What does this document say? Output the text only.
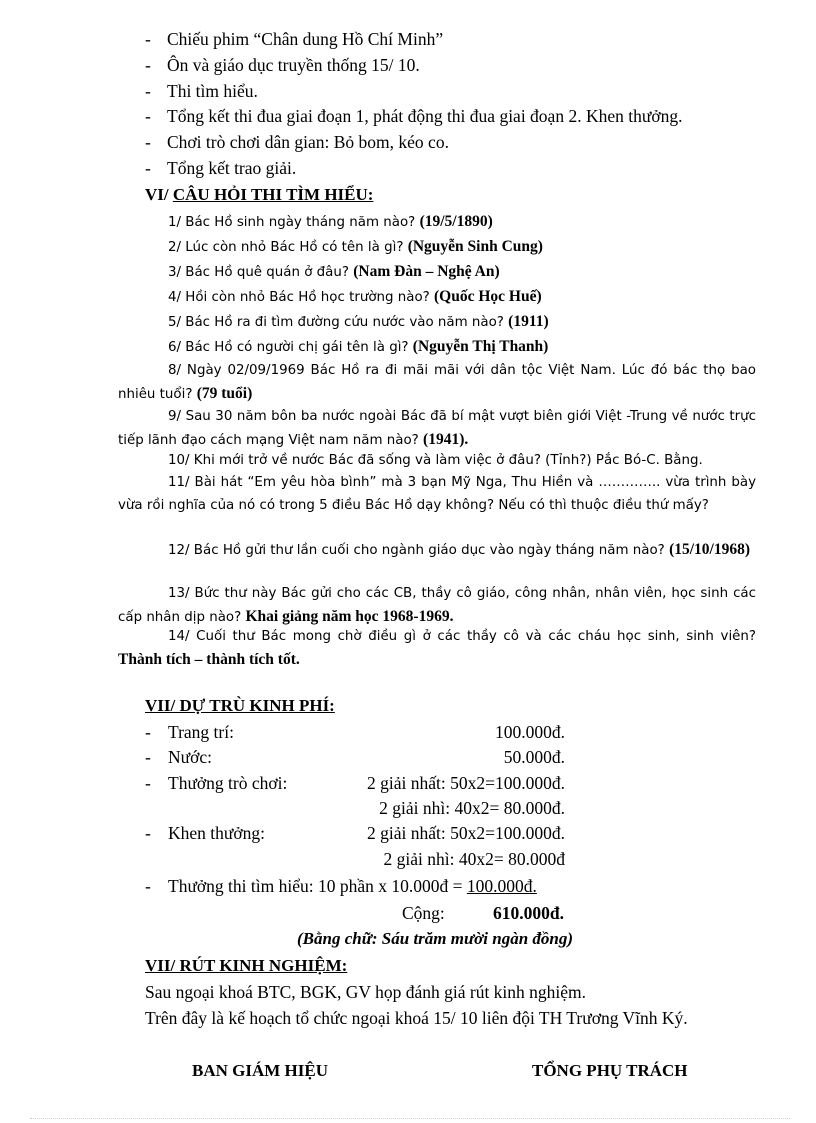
- Chiếu phim “Chân dung Hồ Chí Minh”
- Ôn và giáo dục truyền thống 15/ 10.
- Thi tìm hiểu.
- Tổng kết thi đua giai đoạn 1, phát động thi đua giai đoạn 2. Khen thưởng.
- Chơi trò chơi dân gian: Bỏ bom, kéo co.
- Tổng kết trao giải.
VI/ CÂU HỎI THI TÌM HIỂU:
1/ Bác Hồ sinh ngày tháng năm nào? (19/5/1890)
2/ Lúc còn nhỏ Bác Hồ có tên là gì? (Nguyễn Sinh Cung)
3/ Bác Hồ quê quán ở đâu? (Nam Đàn – Nghệ An)
4/ Hồi còn nhỏ Bác Hồ học trường nào? (Quốc Học Huế)
5/ Bác Hồ ra đi tìm đường cứu nước vào năm nào? (1911)
6/ Bác Hồ có người chị gái tên là gì? (Nguyễn Thị Thanh)
8/ Ngày 02/09/1969 Bác Hồ ra đi mãi mãi với dân tộc Việt Nam. Lúc đó bác thọ bao nhiêu tuổi? (79 tuổi)
9/ Sau 30 năm bôn ba nước ngoài Bác đã bí mật vượt biên giới Việt -Trung về nước trực tiếp lãnh đạo cách mạng Việt nam năm nào? (1941).
10/ Khi mới trở về nước Bác đã sống và làm việc ở đâu? (Tỉnh?) Pắc Bó-C. Bằng.
11/ Bài hát “Em yêu hòa bình” mà 3 bạn Mỹ Nga, Thu Hiền và ………….. vừa trình bày vừa rồi nghĩa của nó có trong 5 điều Bác Hồ dạy không? Nếu có thì thuộc điều thứ mấy?
12/ Bác Hồ gửi thư lần cuối cho ngành giáo dục vào ngày tháng năm nào? (15/10/1968)
13/ Bức thư này Bác gửi cho các CB, thầy cô giáo, công nhân, nhân viên, học sinh các cấp nhân dịp nào? Khai giảng năm học 1968-1969.
14/ Cuối thư Bác mong chờ điều gì ở các thầy cô và các cháu học sinh, sinh viên? Thành tích – thành tích tốt.
VII/ DỰ TRÙ KINH PHÍ:
- Trang trí:	100.000đ.
- Nước:	50.000đ.
- Thưởng trò chơi:	2 giải nhất: 50x2=100.000đ.
2 giải nhì: 40x2= 80.000đ.
- Khen thưởng:	2 giải nhất: 50x2=100.000đ.
2 giải nhì: 40x2= 80.000đ
- Thưởng thi tìm hiểu: 10 phần x 10.000đ = 100.000đ.
Cộng:	610.000đ.
(Bằng chữ: Sáu trăm mười ngàn đồng)
VII/ RÚT KINH NGHIỆM:
Sau ngoại khoá BTC, BGK, GV họp đánh giá rút kinh nghiệm.
Trên đây là kế hoạch tổ chức ngoại khoá 15/ 10 liên đội TH Trương Vĩnh Ký.
BAN GIÁM HIỆU	TỔNG PHỤ TRÁCH
